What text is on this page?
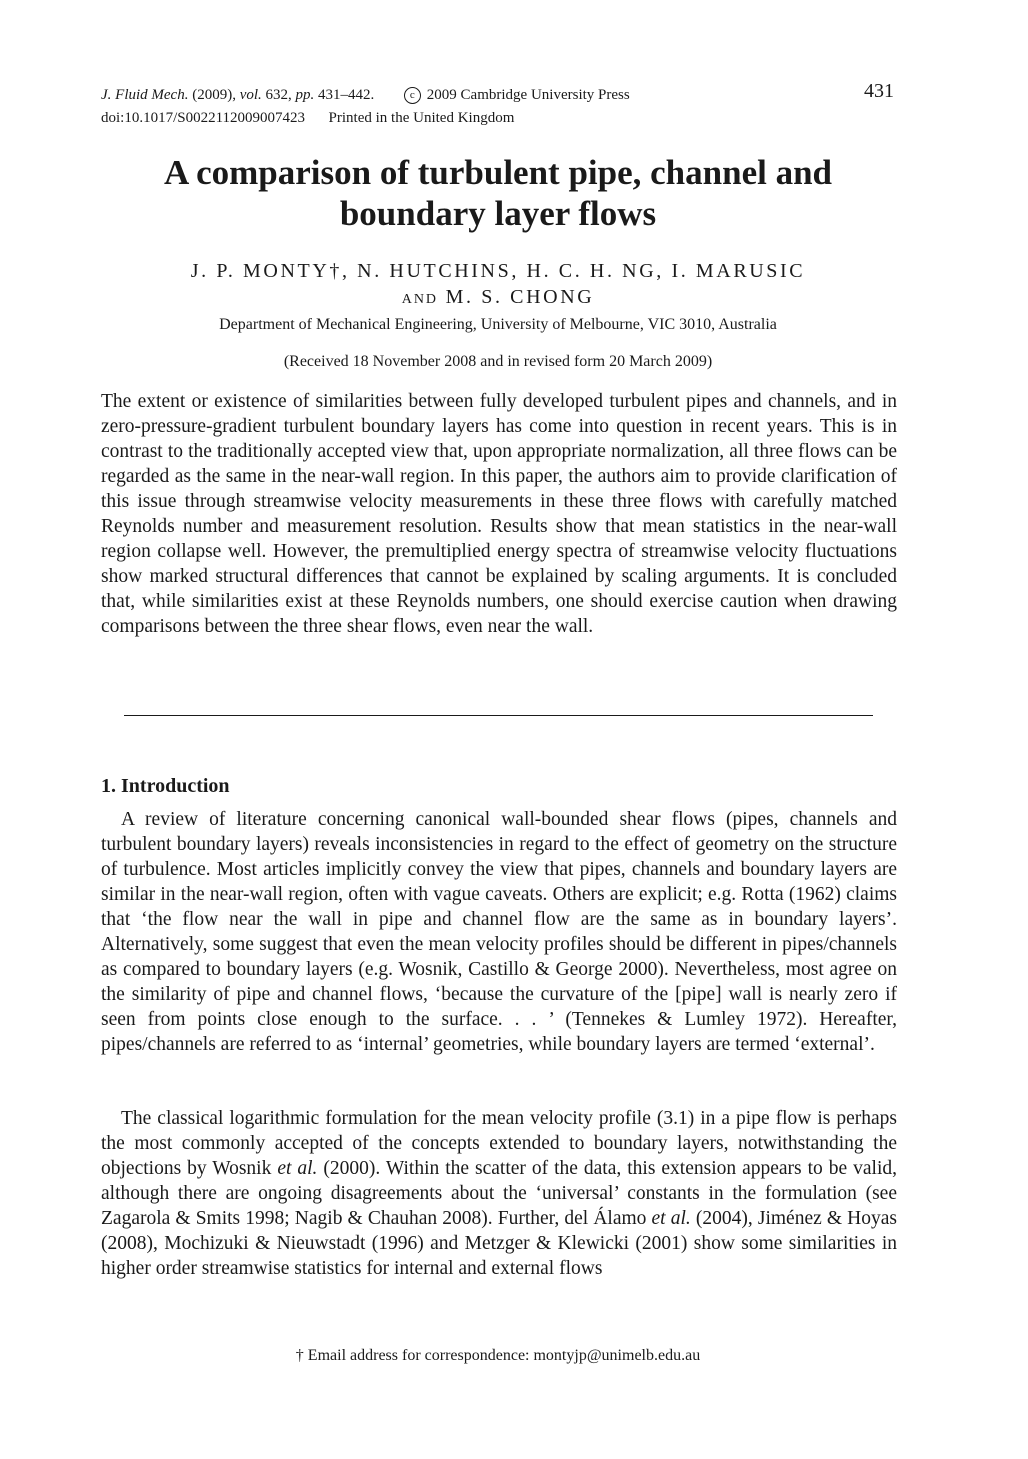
J. Fluid Mech. (2009), vol. 632, pp. 431–442.	c 2009 Cambridge University Press
doi:10.1017/S0022112009007423 Printed in the United Kingdom
431
A comparison of turbulent pipe, channel and
boundary layer flows
J. P. MONTY†, N. HUTCHINS, H. C. H. NG, I. MARUSIC
AND M. S. CHONG
Department of Mechanical Engineering, University of Melbourne, VIC 3010, Australia
(Received 18 November 2008 and in revised form 20 March 2009)

The extent or existence of similarities between fully developed turbulent pipes and channels, and in zero-pressure-gradient turbulent boundary layers has come into question in recent years. This is in contrast to the traditionally accepted view that, upon appropriate normalization, all three flows can be regarded as the same in the near-wall region. In this paper, the authors aim to provide clarification of this issue through streamwise velocity measurements in these three flows with carefully matched Reynolds number and measurement resolution. Results show that mean statistics in the near-wall region collapse well. However, the premultiplied energy spectra of streamwise velocity fluctuations show marked structural differences that cannot be explained by scaling arguments. It is concluded that, while similarities exist at these Reynolds numbers, one should exercise caution when drawing comparisons between the three shear flows, even near the wall.

1. Introduction

A review of literature concerning canonical wall-bounded shear flows (pipes, channels and turbulent boundary layers) reveals inconsistencies in regard to the effect of geometry on the structure of turbulence. Most articles implicitly convey the view that pipes, channels and boundary layers are similar in the near-wall region, often with vague caveats. Others are explicit; e.g. Rotta (1962) claims that ‘the flow near the wall in pipe and channel flow are the same as in boundary layers’. Alternatively, some suggest that even the mean velocity profiles should be different in pipes/channels as compared to boundary layers (e.g. Wosnik, Castillo & George 2000). Nevertheless, most agree on the similarity of pipe and channel flows, ‘because the curvature of the [pipe] wall is nearly zero if seen from points close enough to the surface. . . ’ (Tennekes & Lumley 1972). Hereafter, pipes/channels are referred to as ‘internal’ geometries, while boundary layers are termed ‘external’.

The classical logarithmic formulation for the mean velocity profile (3.1) in a pipe flow is perhaps the most commonly accepted of the concepts extended to boundary layers, notwithstanding the objections by Wosnik et al. (2000). Within the scatter of the data, this extension appears to be valid, although there are ongoing disagreements about the ‘universal’ constants in the formulation (see Zagarola & Smits 1998; Nagib & Chauhan 2008). Further, del Álamo et al. (2004), Jiménez & Hoyas (2008), Mochizuki & Nieuwstadt (1996) and Metzger & Klewicki (2001) show some similarities in higher order streamwise statistics for internal and external flows

† Email address for correspondence: montyjp@unimelb.edu.au
